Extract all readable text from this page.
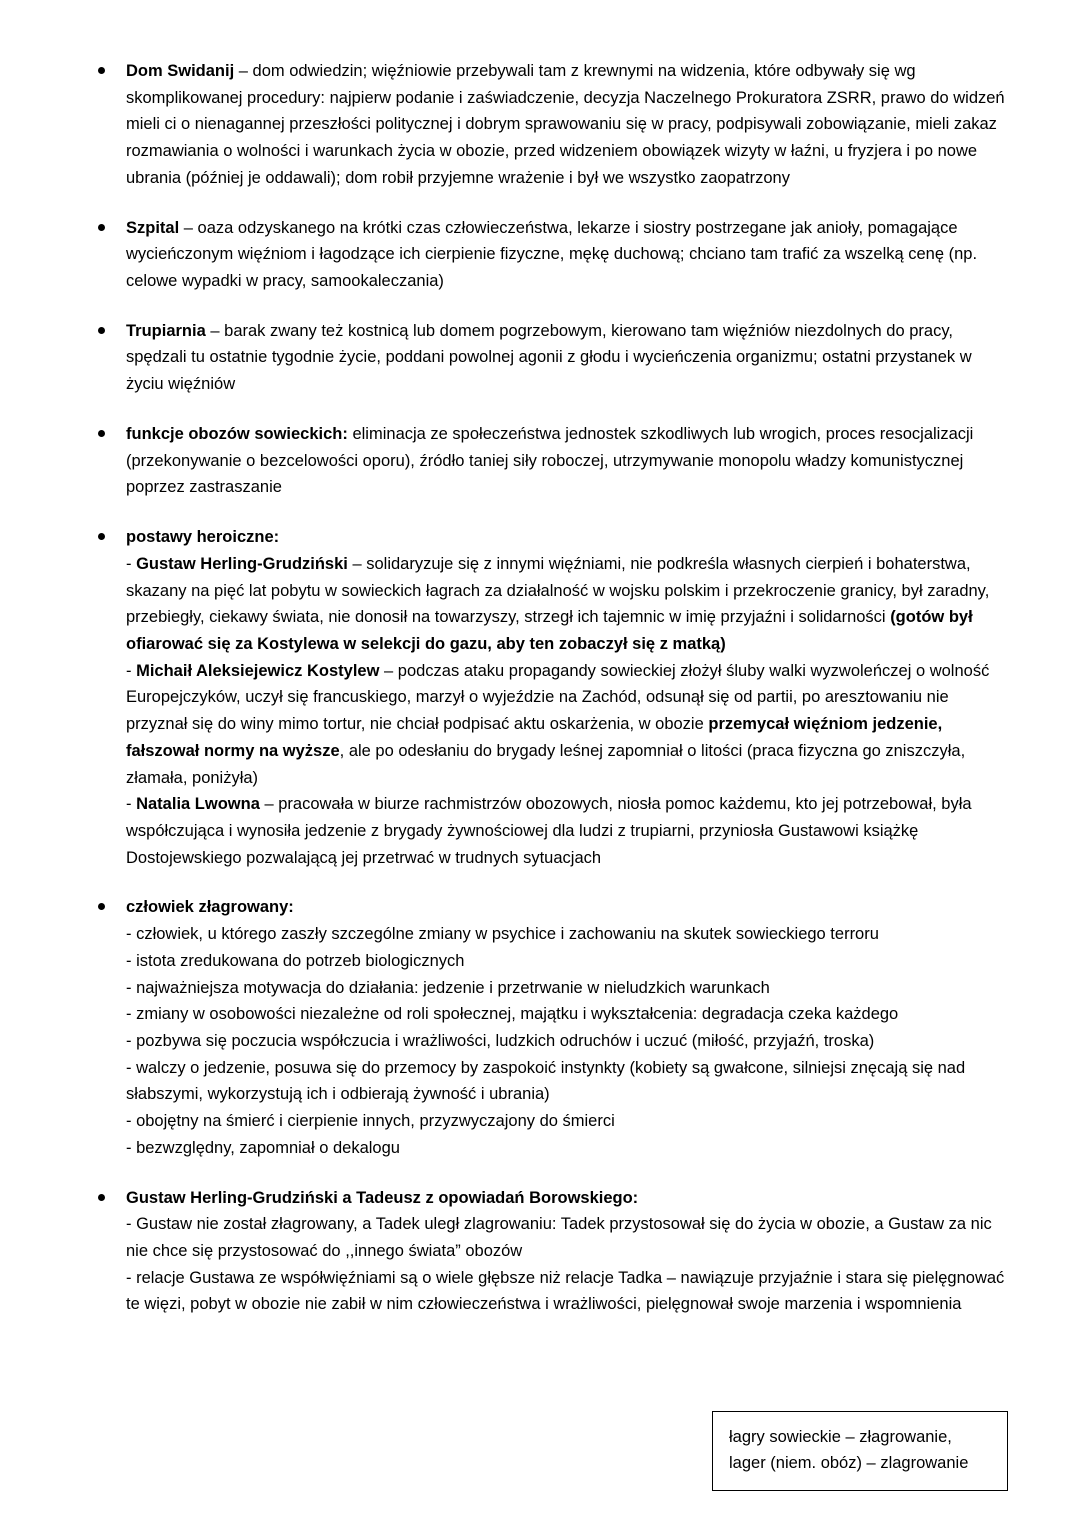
Dom Swidanij – dom odwiedzin; więźniowie przebywali tam z krewnymi na widzenia, które odbywały się wg skomplikowanej procedury: najpierw podanie i zaświadczenie, decyzja Naczelnego Prokuratora ZSRR, prawo do widzeń mieli ci o nienagannej przeszłości politycznej i dobrym sprawowaniu się w pracy, podpisywali zobowiązanie, mieli zakaz rozmawiania o wolności i warunkach życia w obozie, przed widzeniem obowiązek wizyty w łaźni, u fryzjera i po nowe ubrania (później je oddawali); dom robił przyjemne wrażenie i był we wszystko zaopatrzony

Szpital – oaza odzyskanego na krótki czas człowieczeństwa, lekarze i siostry postrzegane jak anioły, pomagające wycieńczonym więźniom i łagodzące ich cierpienie fizyczne, mękę duchową; chciano tam trafić za wszelką cenę (np. celowe wypadki w pracy, samookaleczania)

Trupiarnia – barak zwany też kostnicą lub domem pogrzebowym, kierowano tam więźniów niezdolnych do pracy, spędzali tu ostatnie tygodnie życie, poddani powolnej agonii z głodu i wycieńczenia organizmu; ostatni przystanek w życiu więźniów

funkcje obozów sowieckich: eliminacja ze społeczeństwa jednostek szkodliwych lub wrogich, proces resocjalizacji (przekonywanie o bezcelowości oporu), źródło taniej siły roboczej, utrzymywanie monopolu władzy komunistycznej poprzez zastraszanie

postawy heroiczne:
- Gustaw Herling-Grudziński – solidaryzuje się z innymi więźniami, nie podkreśla własnych cierpień i bohaterstwa, skazany na pięć lat pobytu w sowieckich łagrach za działalność w wojsku polskim i przekroczenie granicy, był zaradny, przebiegły, ciekawy świata, nie donosił na towarzyszy, strzegł ich tajemnic w imię przyjaźni i solidarności (gotów był ofiarować się za Kostylewa w selekcji do gazu, aby ten zobaczył się z matką)
- Michaił Aleksiejewicz Kostylew – podczas ataku propagandy sowieckiej złożył śluby walki wyzwoleńczej o wolność Europejczyków, uczył się francuskiego, marzył o wyjeździe na Zachód, odsunął się od partii, po aresztowaniu nie przyznał się do winy mimo tortur, nie chciał podpisać aktu oskarżenia, w obozie przemycał więźniom jedzenie, fałszował normy na wyższe, ale po odesłaniu do brygady leśnej zapomniał o litości (praca fizyczna go zniszczyła, złamała, poniżyła)
- Natalia Lwowna – pracowała w biurze rachmistrzów obozowych, niosła pomoc każdemu, kto jej potrzebował, była współczująca i wynosiła jedzenie z brygady żywnościowej dla ludzi z trupiarni, przyniosła Gustawowi książkę Dostojewskiego pozwalającą jej przetrwać w trudnych sytuacjach

człowiek złagrowany:
- człowiek, u którego zaszły szczególne zmiany w psychice i zachowaniu na skutek sowieckiego terroru
- istota zredukowana do potrzeb biologicznych
- najważniejsza motywacja do działania: jedzenie i przetrwanie w nieludzkich warunkach
- zmiany w osobowości niezależne od roli społecznej, majątku i wykształcenia: degradacja czeka każdego
- pozbywa się poczucia współczucia i wrażliwości, ludzkich odruchów i uczuć (miłość, przyjaźń, troska)
- walczy o jedzenie, posuwa się do przemocy by zaspokoić instynkty (kobiety są gwałcone, silniejsi znęcają się nad słabszymi, wykorzystują ich i odbierają żywność i ubrania)
- obojętny na śmierć i cierpienie innych, przyzwyczajony do śmierci
- bezwzględny, zapomniał o dekalogu

Gustaw Herling-Grudziński a Tadeusz z opowiadań Borowskiego:
- Gustaw nie został złagrowany, a Tadek uległ zlagrowaniu: Tadek przystosował się do życia w obozie, a Gustaw za nic nie chce się przystosować do ,,innego świata” obozów
- relacje Gustawa ze współwięźniami są o wiele głębsze niż relacje Tadka – nawiązuje przyjaźnie i stara się pielęgnować te więzi, pobyt w obozie nie zabił w nim człowieczeństwa i wrażliwości, pielęgnował swoje marzenia i wspomnienia

łagry sowieckie – złagrowanie,
lager (niem. obóz) – zlagrowanie
